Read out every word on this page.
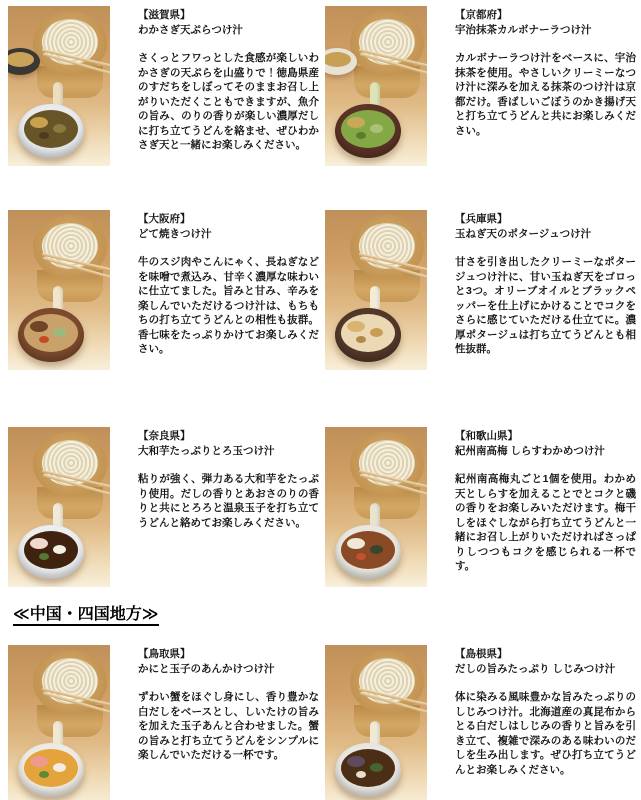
≪中国・四国地方≫

【滋賀県】
わかさぎ天ぷらつけ汁

さくっとフワっとした食感が楽しいわかさぎの天ぷらを山盛りで！徳島県産のすだちをしぼってそのままお召し上がりいただくこともできますが、魚介の旨み、のりの香りが楽しい濃厚だしに打ち立てうどんを絡ませ、ぜひわかさぎ天と一緒にお楽しみください。

【京都府】
宇治抹茶カルボナーラつけ汁

カルボナーラつけ汁をベースに、宇治抹茶を使用。やさしいクリーミーなつけ汁に深みを加える抹茶のつけ汁は京都だけ。香ばしいごぼうのかき揚げ天と打ち立てうどんと共にお楽しみください。

【大阪府】
どて焼きつけ汁

牛のスジ肉やこんにゃく、長ねぎなどを味噌で煮込み、甘辛く濃厚な味わいに仕立てました。旨みと甘み、辛みを楽しんでいただけるつけ汁は、もちもちの打ち立てうどんとの相性も抜群。香七味をたっぷりかけてお楽しみください。

【兵庫県】
玉ねぎ天のポタージュつけ汁

甘さを引き出したクリーミーなポタージュつけ汁に、甘い玉ねぎ天をゴロっと3つ。オリーブオイルとブラックペッパーを仕上げにかけることでコクをさらに感じていただける仕立てに。濃厚ポタージュは打ち立てうどんとも相性抜群。

【奈良県】
大和芋たっぷりとろ玉つけ汁

粘りが強く、弾力ある大和芋をたっぷり使用。だしの香りとあおさのりの香りと共にとろろと温泉玉子を打ち立てうどんと絡めてお楽しみください。

【和歌山県】
紀州南高梅 しらすわかめつけ汁

紀州南高梅丸ごと1個を使用。わかめ天としらすを加えることでとコクと磯の香りをお楽しみいただけます。梅干しをほぐしながら打ち立てうどんと一緒にお召し上がりいただければさっぱりしつつもコクを感じられる一杯です。

【鳥取県】
かにと玉子のあんかけつけ汁

ずわい蟹をほぐし身にし、香り豊かな白だしをベースとし、しいたけの旨みを加えた玉子あんと合わせました。蟹の旨みと打ち立てうどんをシンプルに楽しんでいただける一杯です。

【島根県】
だしの旨みたっぷり しじみつけ汁

体に染みる風味豊かな旨みたっぷりのしじみつけ汁。北海道産の真昆布からとる白だしはしじみの香りと旨みを引き立て、複雑で深みのある味わいのだしを生み出します。ぜひ打ち立てうどんとお楽しみください。
